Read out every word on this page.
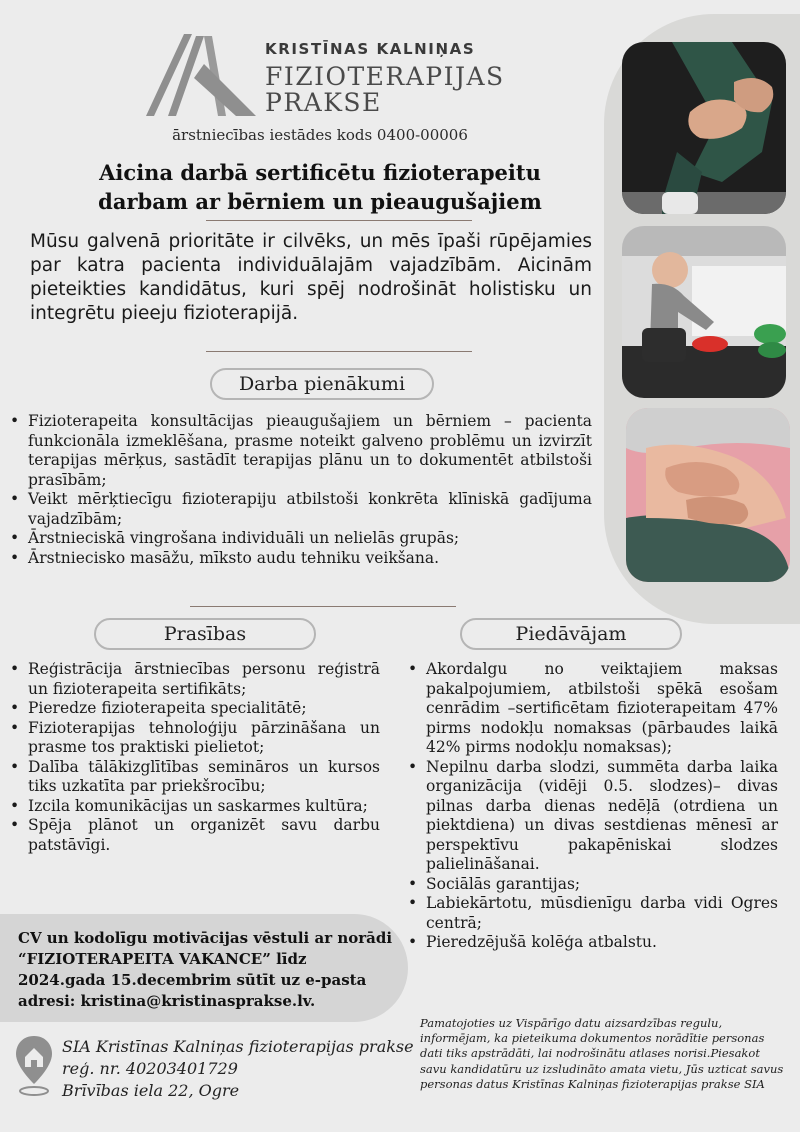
KRISTĪNAS KALNIŅAS
FIZIOTERAPIJAS
PRAKSE
ārstniecības iestādes kods 0400-00006
Aicina darbā sertificētu fizioterapeitu
darbam ar bērniem un pieaugušajiem
Mūsu galvenā prioritāte ir cilvēks, un mēs īpaši rūpējamies par katra pacienta individuālajām vajadzībām. Aicinām pieteikties kandidātus, kuri spēj nodrošināt holistisku un integrētu pieeju fizioterapijā.
Darba pienākumi
• Fizioterapeita konsultācijas pieaugušajiem un bērniem – pacienta funkcionāla izmeklēšana, prasme noteikt galveno problēmu un izvirzīt terapijas mērķus, sastādīt terapijas plānu un to dokumentēt atbilstoši prasībām;
• Veikt mērķtiecīgu fizioterapiju atbilstoši konkrēta klīniskā gadījuma vajadzībām;
• Ārstnieciskā vingrošana individuāli un nelielās grupās;
• Ārstniecisko masāžu, mīksto audu tehniku veikšana.
Prasības
• Reģistrācija ārstniecības personu reģistrā un fizioterapeita sertifikāts;
• Pieredze fizioterapeita specialitātē;
• Fizioterapijas tehnoloģiju pārzināšana un prasme tos praktiski pielietot;
• Dalība tālākizglītības semināros un kursos tiks uzkatīta par priekšrocību;
• Izcila komunikācijas un saskarmes kultūra;
• Spēja plānot un organizēt savu darbu patstāvīgi.
Piedāvājam
• Akordalgu no veiktajiem maksas pakalpojumiem, atbilstoši spēkā esošam cenrādim –sertificētam fizioterapeitam 47% pirms nodokļu nomaksas (pārbaudes laikā 42% pirms nodokļu nomaksas);
• Nepilnu darba slodzi, summēta darba laika organizācija (vidēji 0.5. slodzes)– divas pilnas darba dienas nedēļā (otrdiena un piektdiena) un divas sestdienas mēnesī ar perspektīvu pakapēniskai slodzes palielināšanai.
• Sociālās garantijas;
• Labiekārtotu, mūsdienīgu darba vidi Ogres centrā;
• Pieredzējušā kolēģa atbalstu.
CV un kodolīgu motivācijas vēstuli ar norādi
“FIZIOTERAPEITA VAKANCE” līdz
2024.gada 15.decembrim sūtīt uz e-pasta
adresi: kristina@kristinasprakse.lv.
SIA Kristīnas Kalniņas fizioterapijas prakse
reģ. nr. 40203401729
Brīvības iela 22, Ogre
Pamatojoties uz Vispārīgo datu aizsardzības regulu, informējam, ka pieteikuma dokumentos norādītie personas dati tiks apstrādāti, lai nodrošinātu atlases norisi.Piesakot savu kandidatūru uz izsludināto amata vietu, Jūs uzticat savus personas datus Kristīnas Kalniņas fizioterapijas prakse SIA
